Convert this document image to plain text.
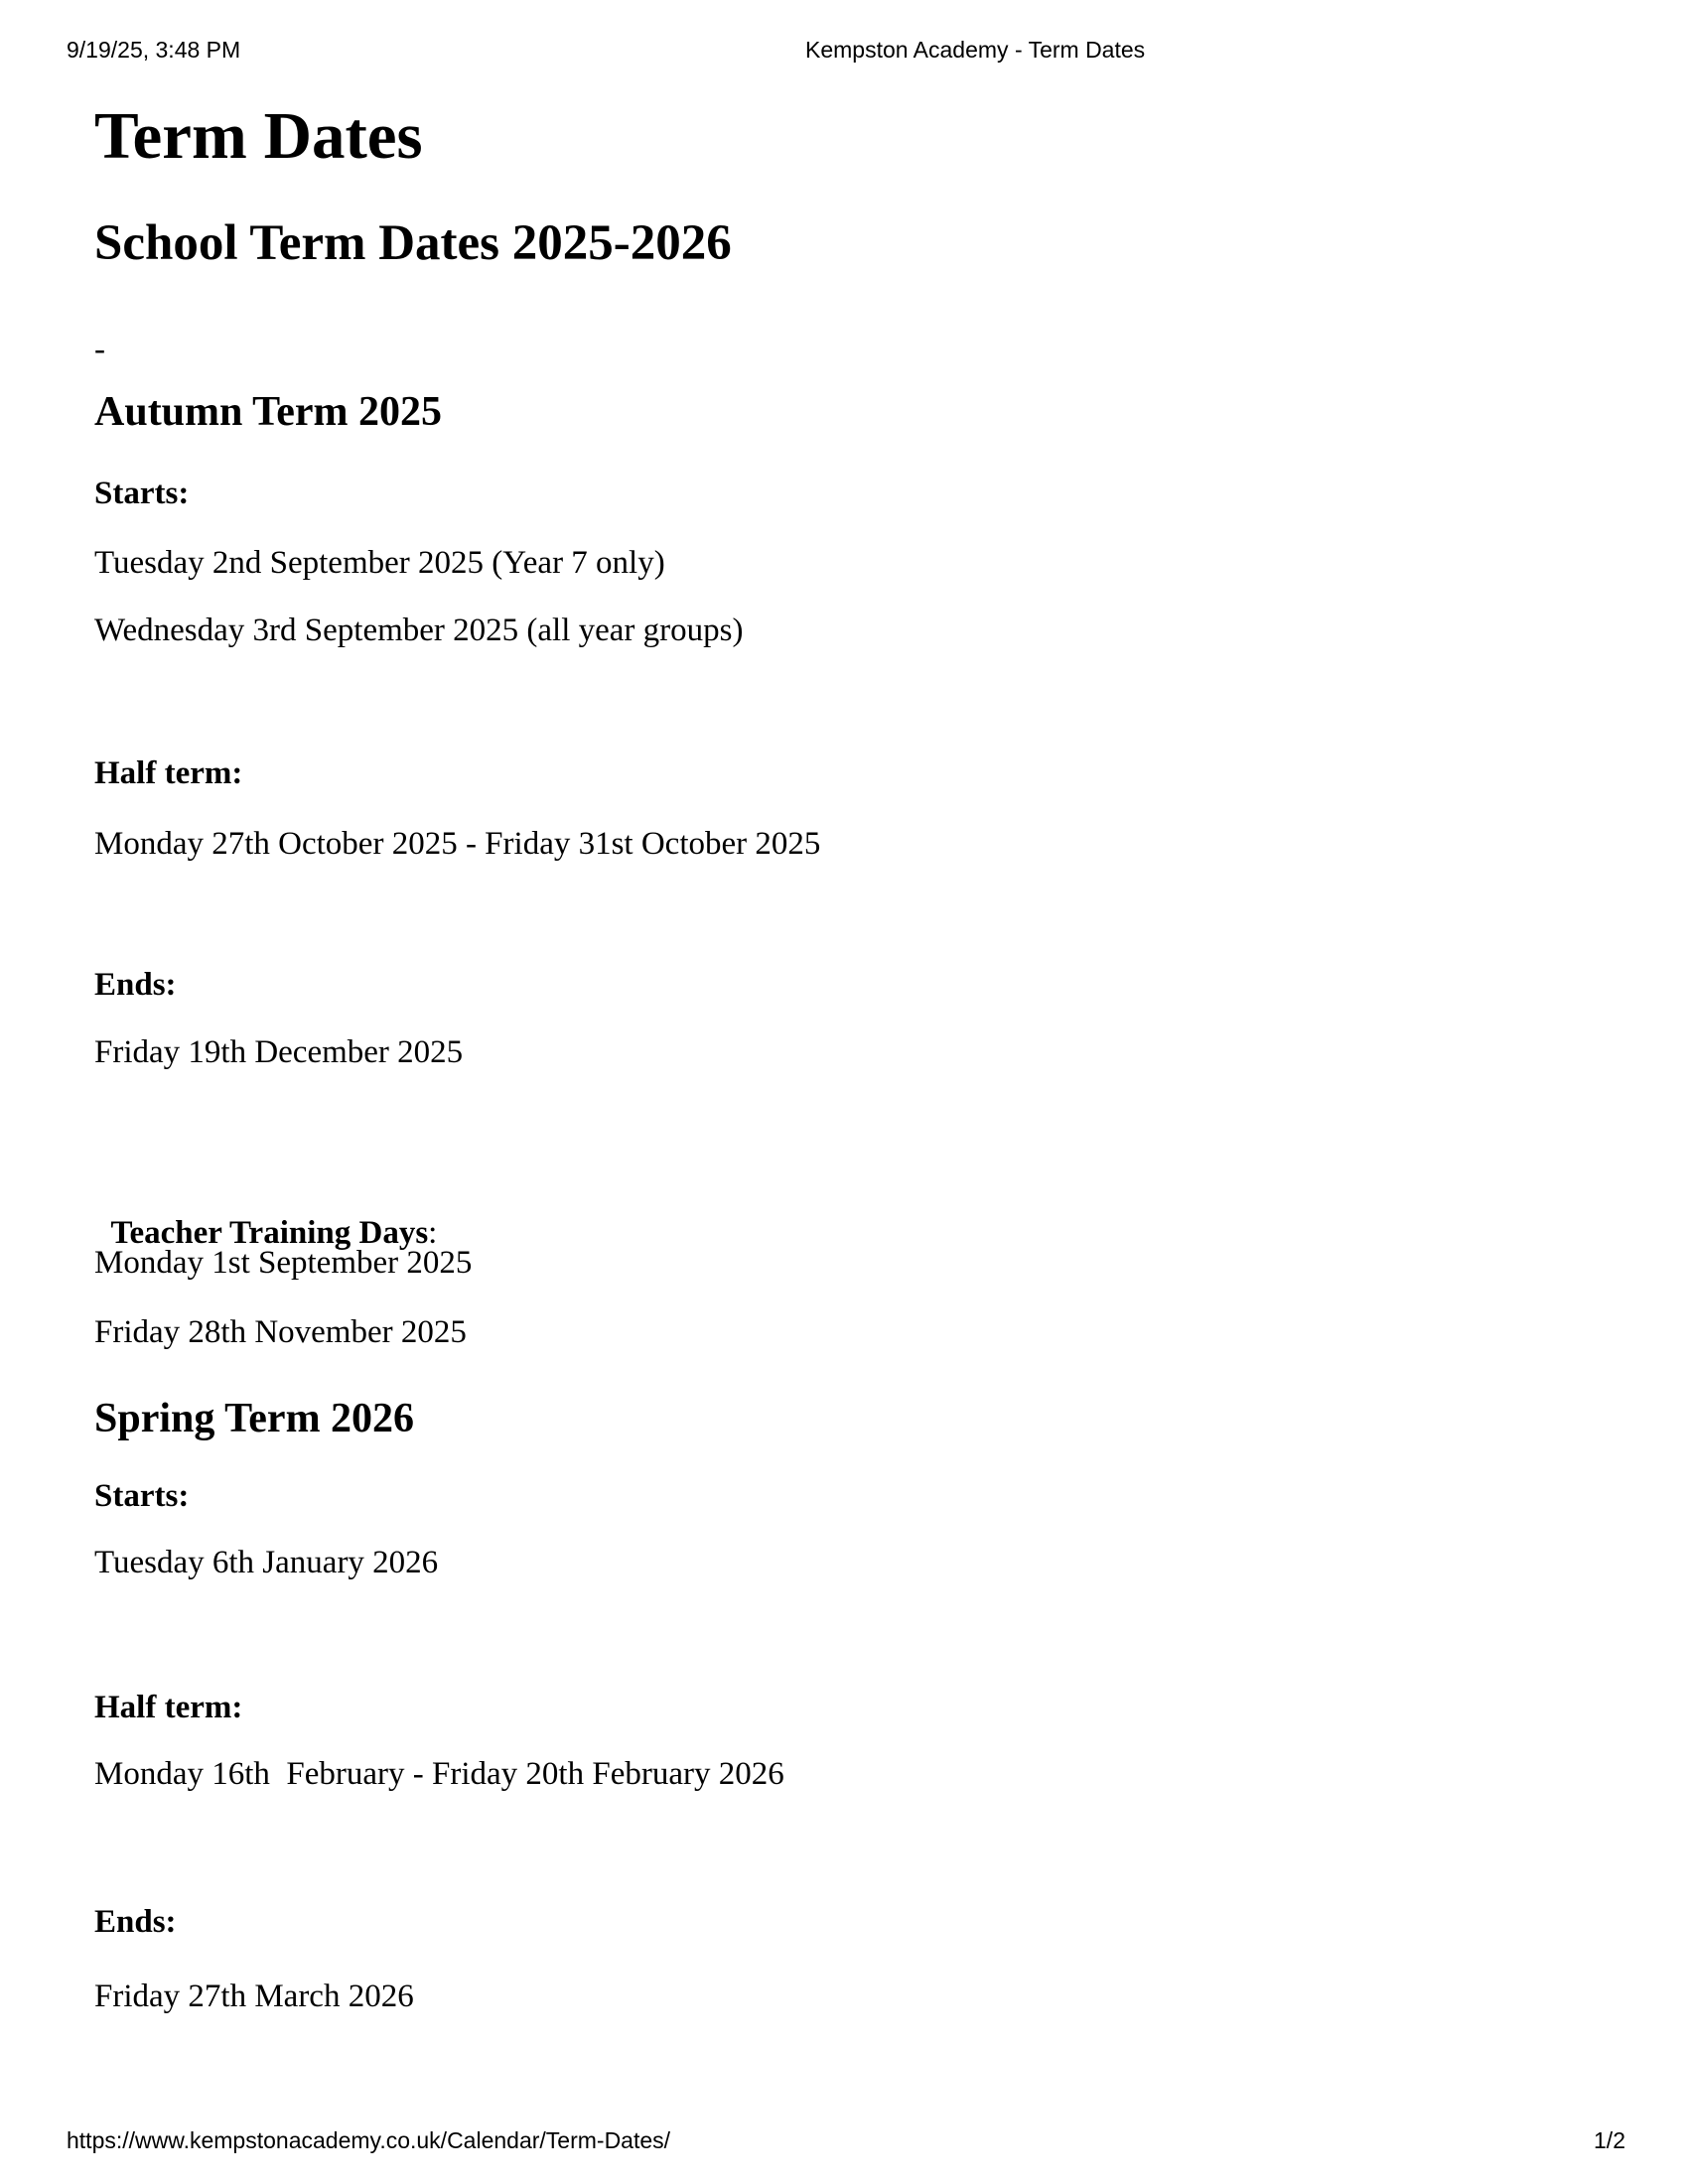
9/19/25, 3:48 PM	Kempston Academy - Term Dates
Term Dates
School Term Dates 2025-2026
-
Autumn Term 2025
Starts:
Tuesday 2nd September 2025 (Year 7 only)
Wednesday 3rd September 2025 (all year groups)
Half term:
Monday 27th October 2025 - Friday 31st October 2025
Ends:
Friday 19th December 2025

Teacher Training Days:

Monday 1st September 2025
Friday 28th November 2025
Spring Term 2026
Starts:
Tuesday 6th January 2026
Half term:
Monday 16th  February - Friday 20th February 2026
Ends:
Friday 27th March 2026
https://www.kempstonacademy.co.uk/Calendar/Term-Dates/	1/2
